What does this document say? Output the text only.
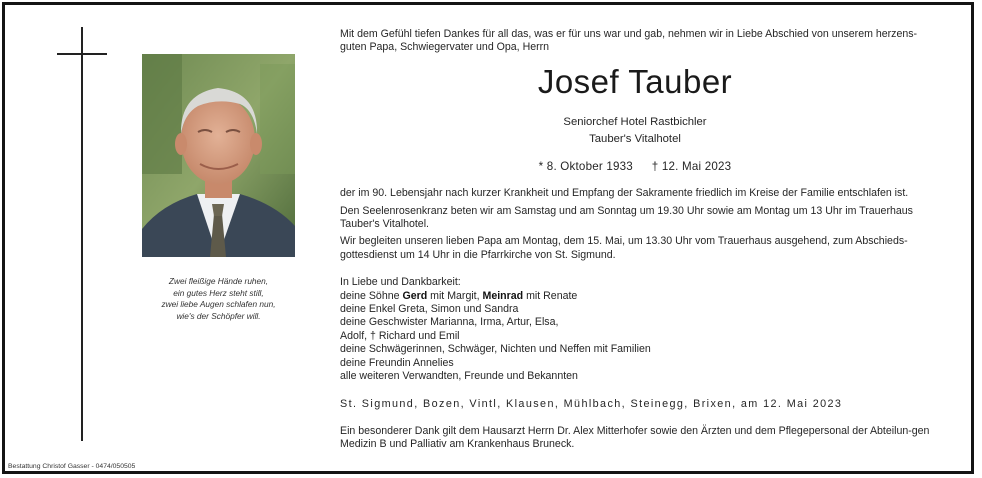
Zwei fleißige Hände ruhen,
ein gutes Herz steht still,
zwei liebe Augen schlafen nun,
wie's der Schöpfer will.
Bestattung Christof Gasser - 0474/050505

Mit dem Gefühl tiefen Dankes für all das, was er für uns war und gab, nehmen wir in Liebe Abschied von unserem herzens-guten Papa, Schwiegervater und Opa, Herrn

Josef Tauber
Seniorchef Hotel Rastbichler
Tauber's Vitalhotel
* 8. Oktober 1933 † 12. Mai 2023

der im 90. Lebensjahr nach kurzer Krankheit und Empfang der Sakramente friedlich im Kreise der Familie entschlafen ist.

Den Seelenrosenkranz beten wir am Samstag und am Sonntag um 19.30 Uhr sowie am Montag um 13 Uhr im Trauerhaus Tauber's Vitalhotel.

Wir begleiten unseren lieben Papa am Montag, dem 15. Mai, um 13.30 Uhr vom Trauerhaus ausgehend, zum Abschieds-gottesdienst um 14 Uhr in die Pfarrkirche von St. Sigmund.

In Liebe und Dankbarkeit:
deine Söhne Gerd mit Margit, Meinrad mit Renate
deine Enkel Greta, Simon und Sandra
deine Geschwister Marianna, Irma, Artur, Elsa,
Adolf, † Richard und Emil
deine Schwägerinnen, Schwäger, Nichten und Neffen mit Familien
deine Freundin Annelies
alle weiteren Verwandten, Freunde und Bekannten
St. Sigmund, Bozen, Vintl, Klausen, Mühlbach, Steinegg, Brixen, am 12. Mai 2023

Ein besonderer Dank gilt dem Hausarzt Herrn Dr. Alex Mitterhofer sowie den Ärzten und dem Pflegepersonal der Abteilun-gen Medizin B und Palliativ am Krankenhaus Bruneck.
